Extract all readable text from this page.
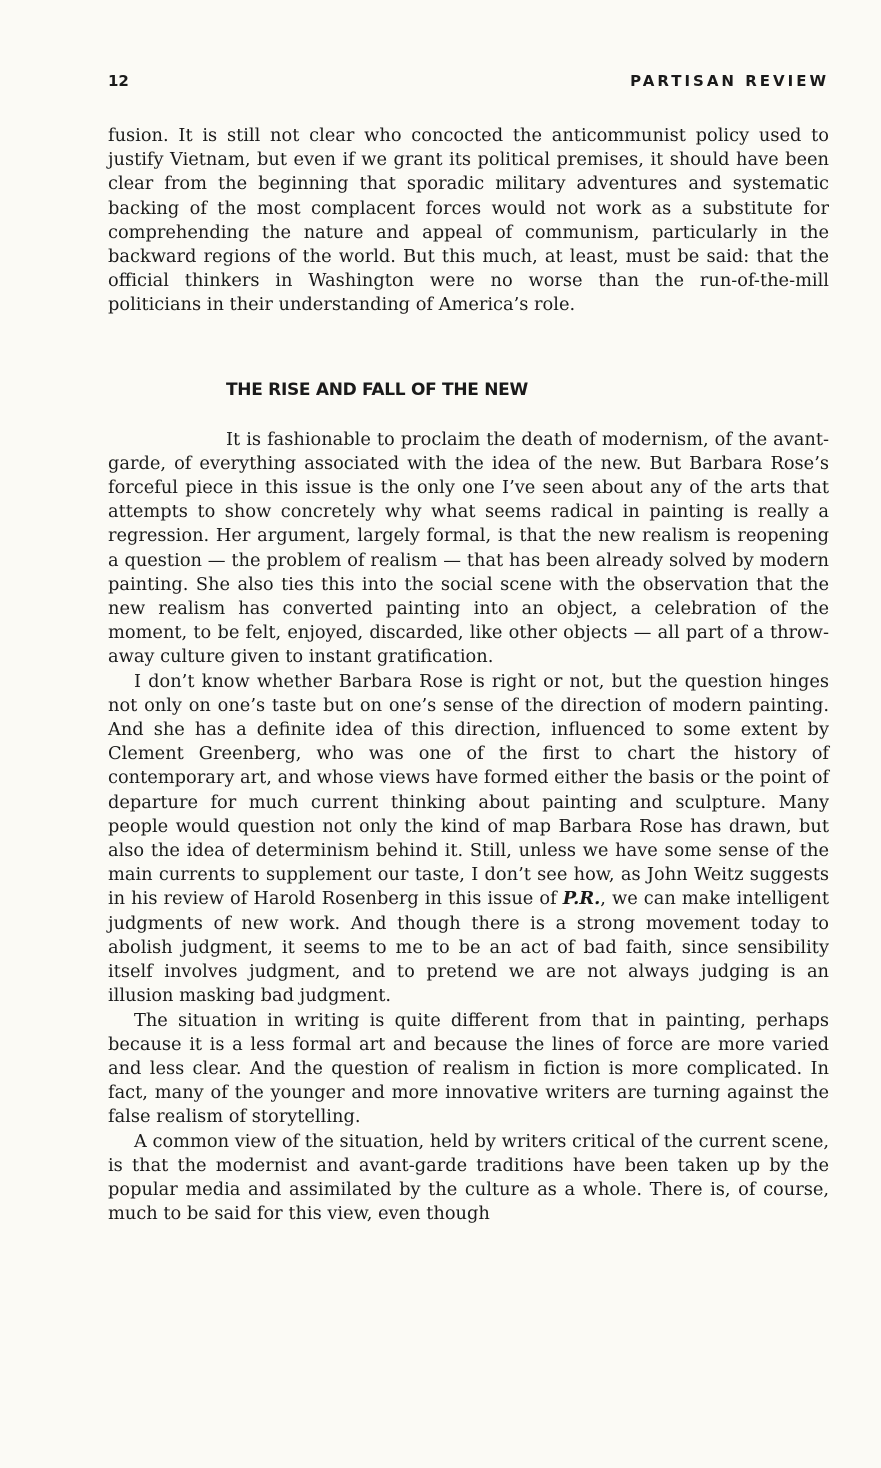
12	PARTISAN REVIEW

fusion. It is still not clear who concocted the anticommunist policy used to justify Vietnam, but even if we grant its political premises, it should have been clear from the beginning that sporadic military adventures and systematic backing of the most complacent forces would not work as a substitute for comprehending the nature and appeal of communism, particularly in the backward regions of the world. But this much, at least, must be said: that the official thinkers in Washington were no worse than the run-of-the-mill politicians in their understanding of America’s role.

THE RISE AND FALL OF THE NEW

It is fashionable to proclaim the death of modernism, of the avant-garde, of everything associated with the idea of the new. But Barbara Rose’s forceful piece in this issue is the only one I’ve seen about any of the arts that attempts to show concretely why what seems radical in painting is really a regression. Her argument, largely formal, is that the new realism is reopening a question — the problem of realism — that has been already solved by modern painting. She also ties this into the social scene with the observation that the new realism has converted painting into an object, a celebration of the moment, to be felt, enjoyed, discarded, like other objects — all part of a throw-away culture given to instant gratification.

I don’t know whether Barbara Rose is right or not, but the question hinges not only on one’s taste but on one’s sense of the direction of modern painting. And she has a definite idea of this direction, influenced to some extent by Clement Greenberg, who was one of the first to chart the history of contemporary art, and whose views have formed either the basis or the point of departure for much current thinking about painting and sculpture. Many people would question not only the kind of map Barbara Rose has drawn, but also the idea of determinism behind it. Still, unless we have some sense of the main currents to supplement our taste, I don’t see how, as John Weitz suggests in his review of Harold Rosenberg in this issue of P.R., we can make intelligent judgments of new work. And though there is a strong movement today to abolish judgment, it seems to me to be an act of bad faith, since sensibility itself involves judgment, and to pretend we are not always judging is an illusion masking bad judgment.

The situation in writing is quite different from that in painting, perhaps because it is a less formal art and because the lines of force are more varied and less clear. And the question of realism in fiction is more complicated. In fact, many of the younger and more innovative writers are turning against the false realism of storytelling.

A common view of the situation, held by writers critical of the current scene, is that the modernist and avant-garde traditions have been taken up by the popular media and assimilated by the culture as a whole. There is, of course, much to be said for this view, even though
